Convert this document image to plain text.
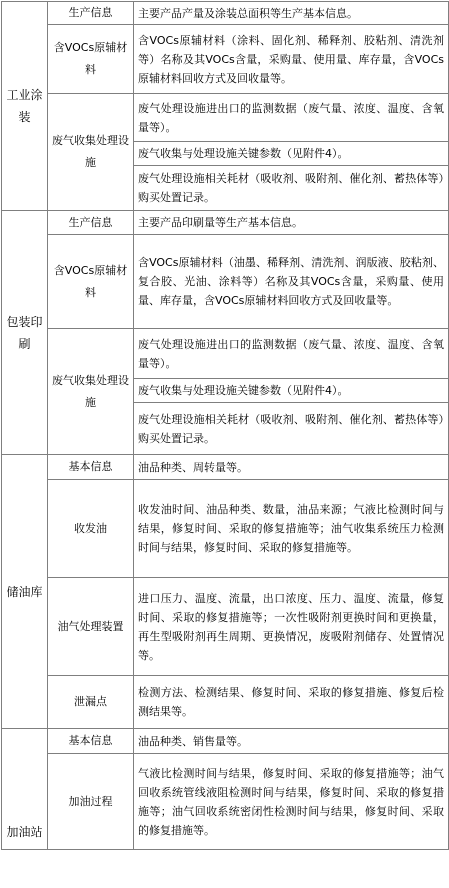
工业涂装	生产信息	主要产品产量及涂装总面积等生产基本信息。
	含VOCs原辅材料	含VOCs原辅材料（涂料、固化剂、稀释剂、胶粘剂、清洗剂等）名称及其VOCs含量，采购量、使用量、库存量，含VOCs原辅材料回收方式及回收量等。
	废气收集处理设施	废气处理设施进出口的监测数据（废气量、浓度、温度、含氧量等）。
		废气收集与处理设施关键参数（见附件4）。
		废气处理设施相关耗材（吸收剂、吸附剂、催化剂、蓄热体等）购买处置记录。

包装印刷	生产信息	主要产品印刷量等生产基本信息。
	含VOCs原辅材料	含VOCs原辅材料（油墨、稀释剂、清洗剂、润版液、胶粘剂、复合胶、光油、涂料等）名称及其VOCs含量，采购量、使用量、库存量，含VOCs原辅材料回收方式及回收量等。
	废气收集处理设施	废气处理设施进出口的监测数据（废气量、浓度、温度、含氧量等）。
		废气收集与处理设施关键参数（见附件4）。
		废气处理设施相关耗材（吸收剂、吸附剂、催化剂、蓄热体等）购买处置记录。
储油库	基本信息	油品种类、周转量等。
	收发油	收发油时间、油品种类、数量，油品来源；气液比检测时间与结果，修复时间、采取的修复措施等；油气收集系统压力检测时间与结果，修复时间、采取的修复措施等。
	油气处理装置	进口压力、温度、流量，出口浓度、压力、温度、流量，修复时间、采取的修复措施等；一次性吸附剂更换时间和更换量，再生型吸附剂再生周期、更换情况，废吸附剂储存、处置情况等。
	泄漏点	检测方法、检测结果、修复时间、采取的修复措施、修复后检测结果等。
加油站	基本信息	油品种类、销售量等。
	加油过程	气液比检测时间与结果，修复时间、采取的修复措施等；油气回收系统管线液阻检测时间与结果，修复时间、采取的修复措施等；油气回收系统密闭性检测时间与结果，修复时间、采取的修复措施等。
